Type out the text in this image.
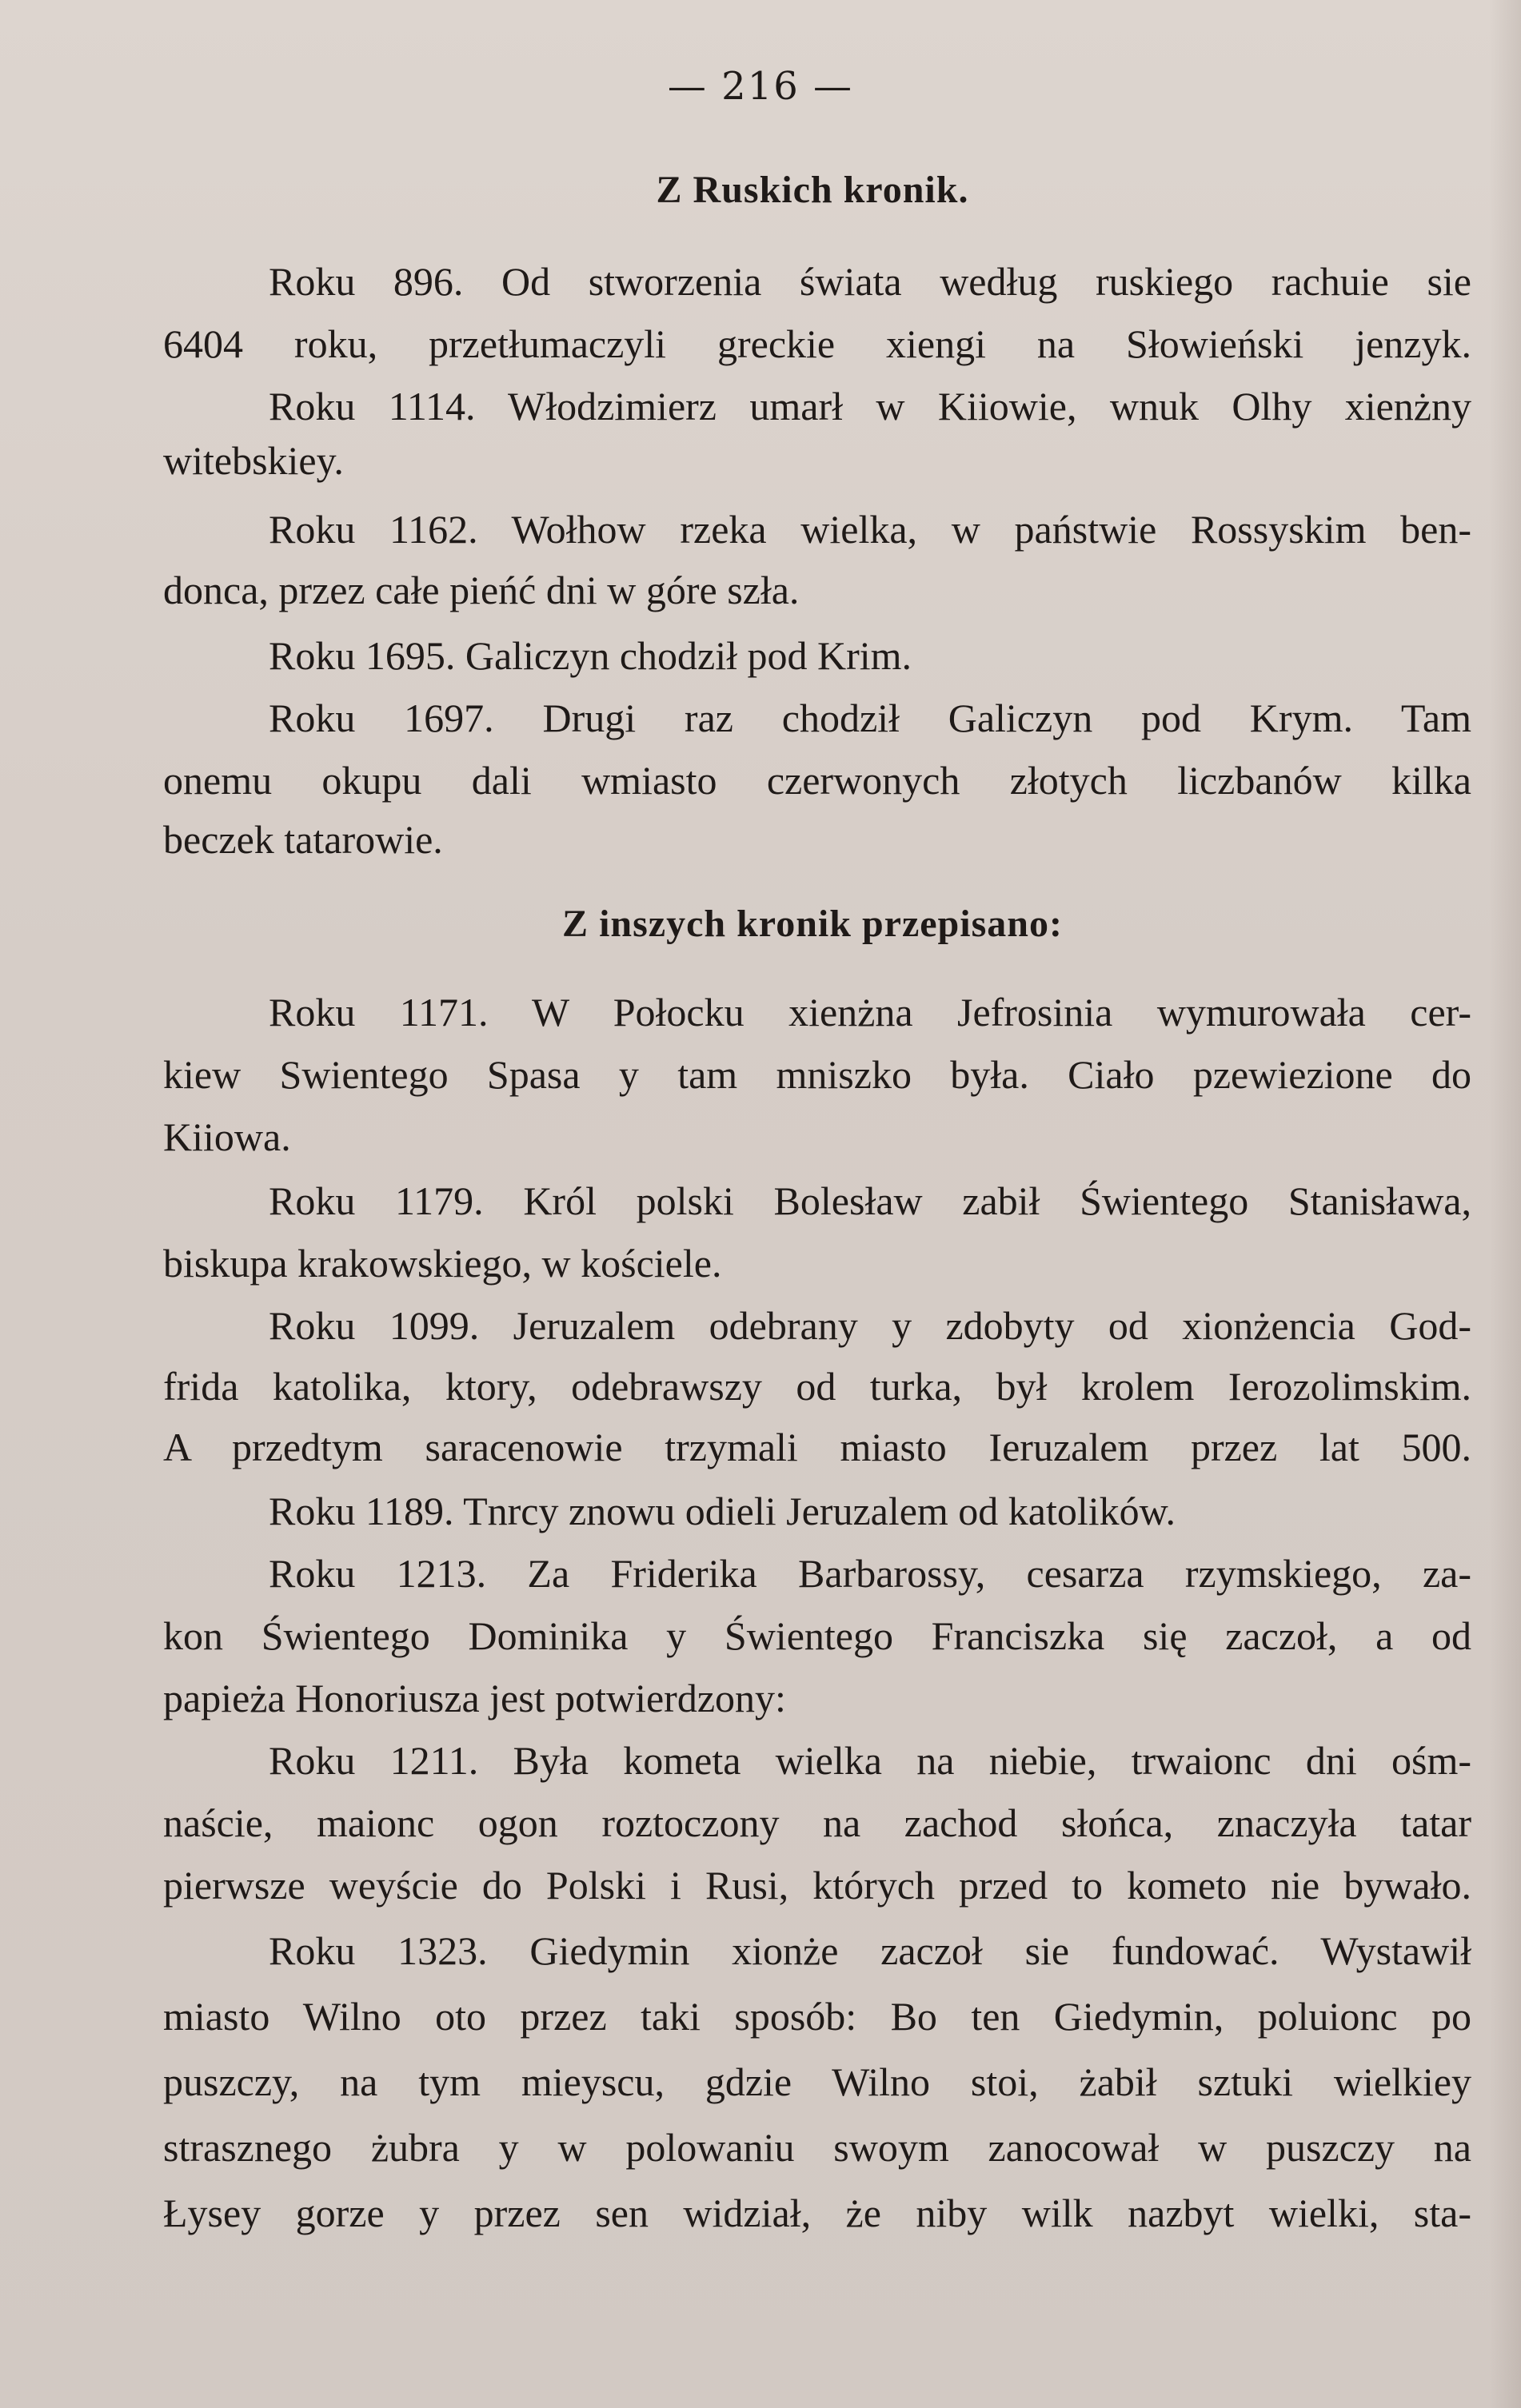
— 216 —
Z Ruskich kronik.
Roku 896. Od stworzenia świata według ruskiego rachuie sie
6404 roku, przetłumaczyli greckie xiengi na Słowieński jenzyk.
Roku 1114. Włodzimierz umarł w Kiiowie, wnuk Olhy xienżny
witebskiey.
Roku 1162. Wołhow rzeka wielka, w państwie Rossyskim ben-
donca, przez całe pieńć dni w góre szła.
Roku 1695. Galiczyn chodził pod Krim.
Roku 1697. Drugi raz chodził Galiczyn pod Krym. Tam
onemu okupu dali wmiasto czerwonych złotych liczbanów kilka
beczek tatarowie.
Z inszych kronik przepisano:
Roku 1171. W Połocku xienżna Jefrosinia wymurowała cer-
kiew Swientego Spasa y tam mniszko była. Ciało pzewiezione do
Kiiowa.
Roku 1179. Król polski Bolesław zabił Świentego Stanisława,
biskupa krakowskiego, w kościele.
Roku 1099. Jeruzalem odebrany y zdobyty od xionżencia God-
frida katolika, ktory, odebrawszy od turka, był krolem Ierozolimskim.
A przedtym saracenowie trzymali miasto Ieruzalem przez lat 500.
Roku 1189. Tnrcy znowu odieli Jeruzalem od katolików.
Roku 1213. Za Friderika Barbarossy, cesarza rzymskiego, za-
kon Świentego Dominika y Świentego Franciszka się zaczoł, a od
papieża Honoriusza jest potwierdzony:
Roku 1211. Była kometa wielka na niebie, trwaionc dni ośm-
naście, maionc ogon roztoczony na zachod słońca, znaczyła tatar
pierwsze weyście do Polski i Rusi, których przed to kometo nie bywało.
Roku 1323. Giedymin xionże zaczoł sie fundować. Wystawił
miasto Wilno oto przez taki sposób: Bo ten Giedymin, poluionc po
puszczy, na tym mieyscu, gdzie Wilno stoi, żabił sztuki wielkiey
strasznego żubra y w polowaniu swoym zanocował w puszczy na
Łysey gorze y przez sen widział, że niby wilk nazbyt wielki, sta-
